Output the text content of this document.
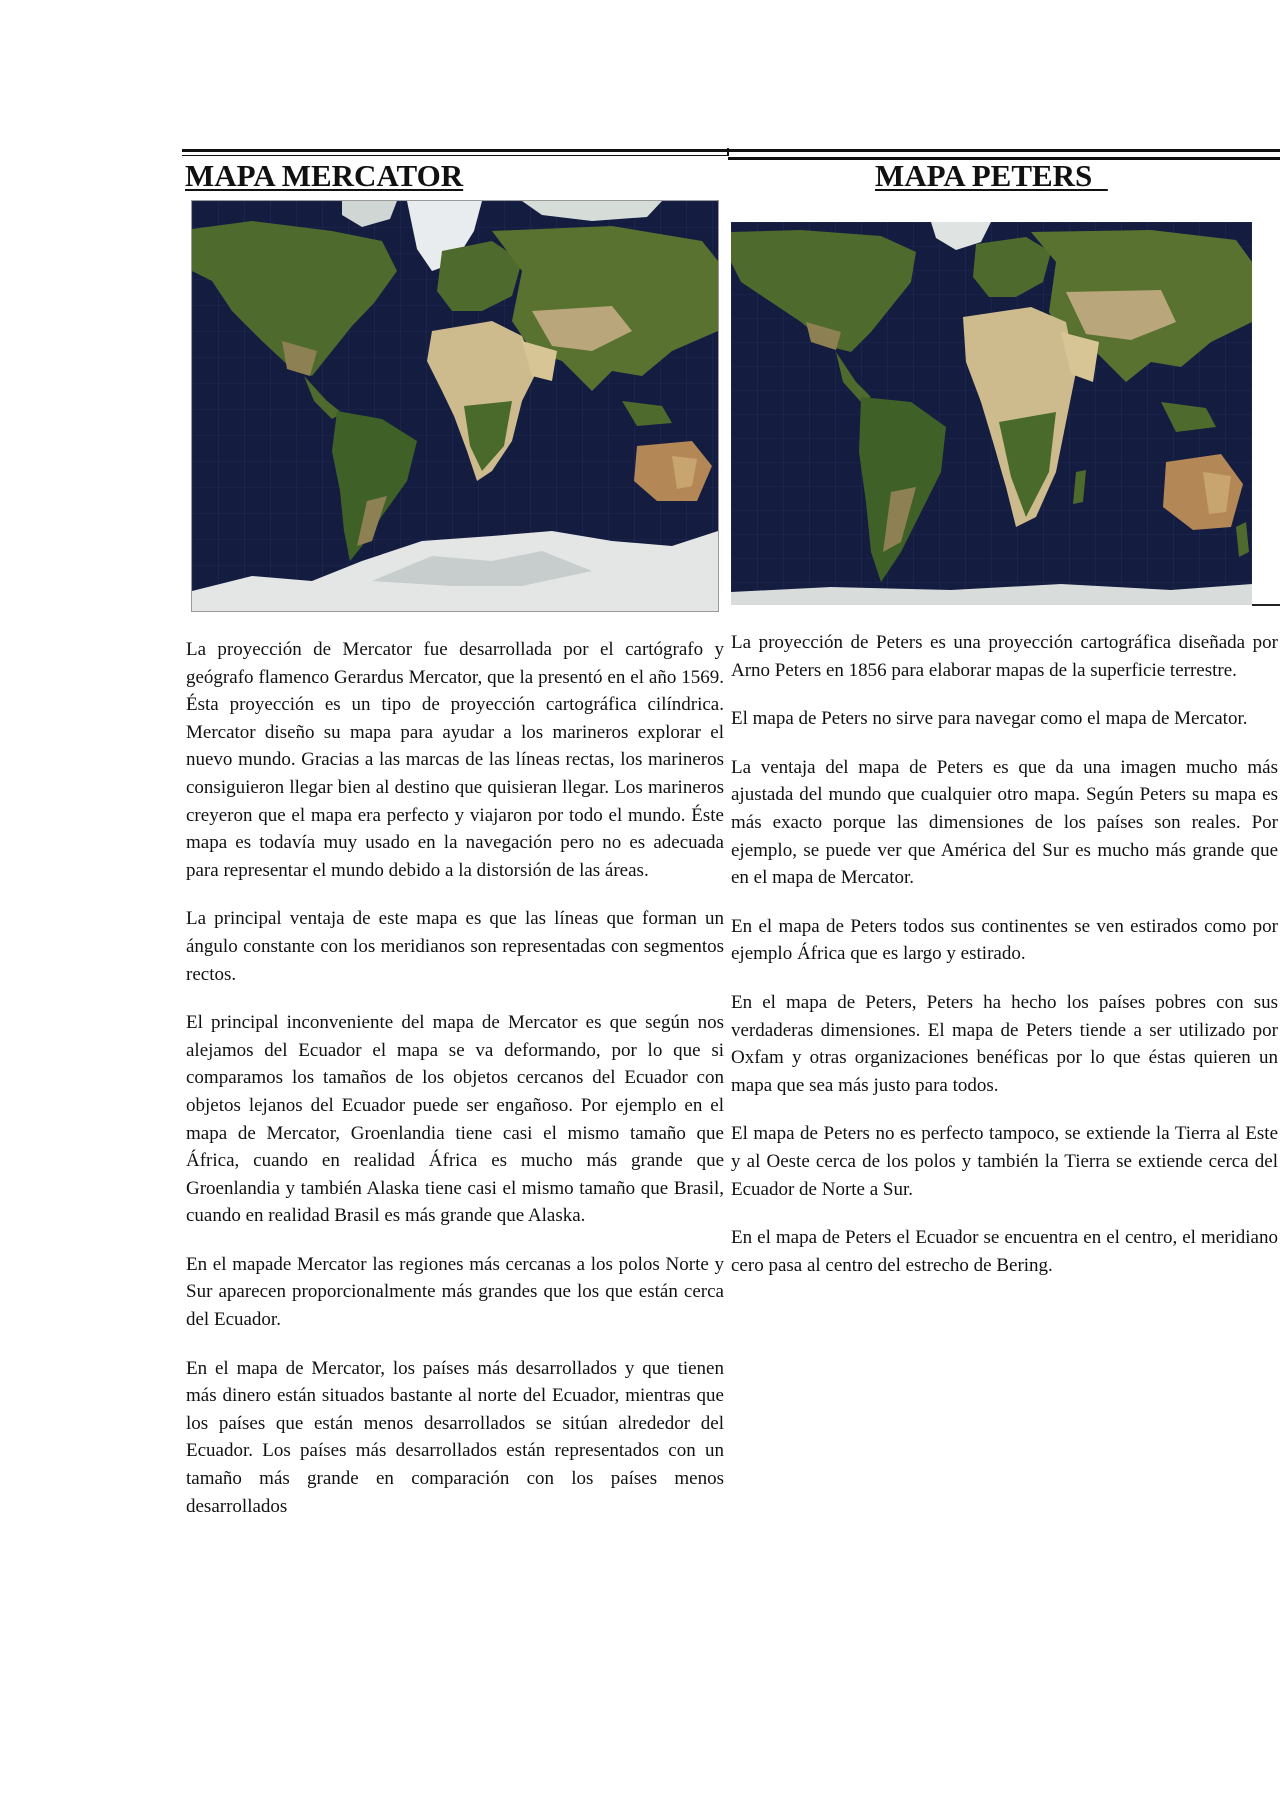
MAPA MERCATOR	MAPA PETERS

La proyección de Mercator fue desarrollada por el cartógrafo y geógrafo flamenco Gerardus Mercator, que la presentó en el año 1569. Ésta proyección es un tipo de proyección cartográfica cilíndrica. Mercator diseño su mapa para ayudar a los marineros explorar el nuevo mundo. Gracias a las marcas de las líneas rectas, los marineros consiguieron llegar bien al destino que quisieran llegar. Los marineros creyeron que el mapa era perfecto y viajaron por todo el mundo. Éste mapa es todavía muy usado en la navegación pero no es adecuada para representar el mundo debido a la distorsión de las áreas.

La principal ventaja de este mapa es que las líneas que forman un ángulo constante con los meridianos son representadas con segmentos rectos.

El principal inconveniente del mapa de Mercator es que según nos alejamos del Ecuador el mapa se va deformando, por lo que si comparamos los tamaños de los objetos cercanos del Ecuador con objetos lejanos del Ecuador puede ser engañoso. Por ejemplo en el mapa de Mercator, Groenlandia tiene casi el mismo tamaño que África, cuando en realidad África es mucho más grande que Groenlandia y también Alaska tiene casi el mismo tamaño que Brasil, cuando en realidad Brasil es más grande que Alaska.

En el mapade Mercator las regiones más cercanas a los polos Norte y Sur aparecen proporcionalmente más grandes que los que están cerca del Ecuador.

En el mapa de Mercator, los países más desarrollados y que tienen más dinero están situados bastante al norte del Ecuador, mientras que los países que están menos desarrollados se sitúan alrededor del Ecuador. Los países más desarrollados están representados con un tamaño más grande en comparación con los países menos desarrollados

La proyección de Peters es una proyección cartográfica diseñada por Arno Peters en 1856 para elaborar mapas de la superficie terrestre.

El mapa de Peters no sirve para navegar como el mapa de Mercator.

La ventaja del mapa de Peters es que da una imagen mucho más ajustada del mundo que cualquier otro mapa. Según Peters su mapa es más exacto porque las dimensiones de los países son reales. Por ejemplo, se puede ver que América del Sur es mucho más grande que en el mapa de Mercator.

En el mapa de Peters todos sus continentes se ven estirados como por ejemplo África que es largo y estirado.

En el mapa de Peters, Peters ha hecho los países pobres con sus verdaderas dimensiones. El mapa de Peters tiende a ser utilizado por Oxfam y otras organizaciones benéficas por lo que éstas quieren un mapa que sea más justo para todos.

El mapa de Peters no es perfecto tampoco, se extiende la Tierra al Este y al Oeste cerca de los polos y también la Tierra se extiende cerca del Ecuador de Norte a Sur.

En el mapa de Peters el Ecuador se encuentra en el centro, el meridiano cero pasa al centro del estrecho de Bering.
